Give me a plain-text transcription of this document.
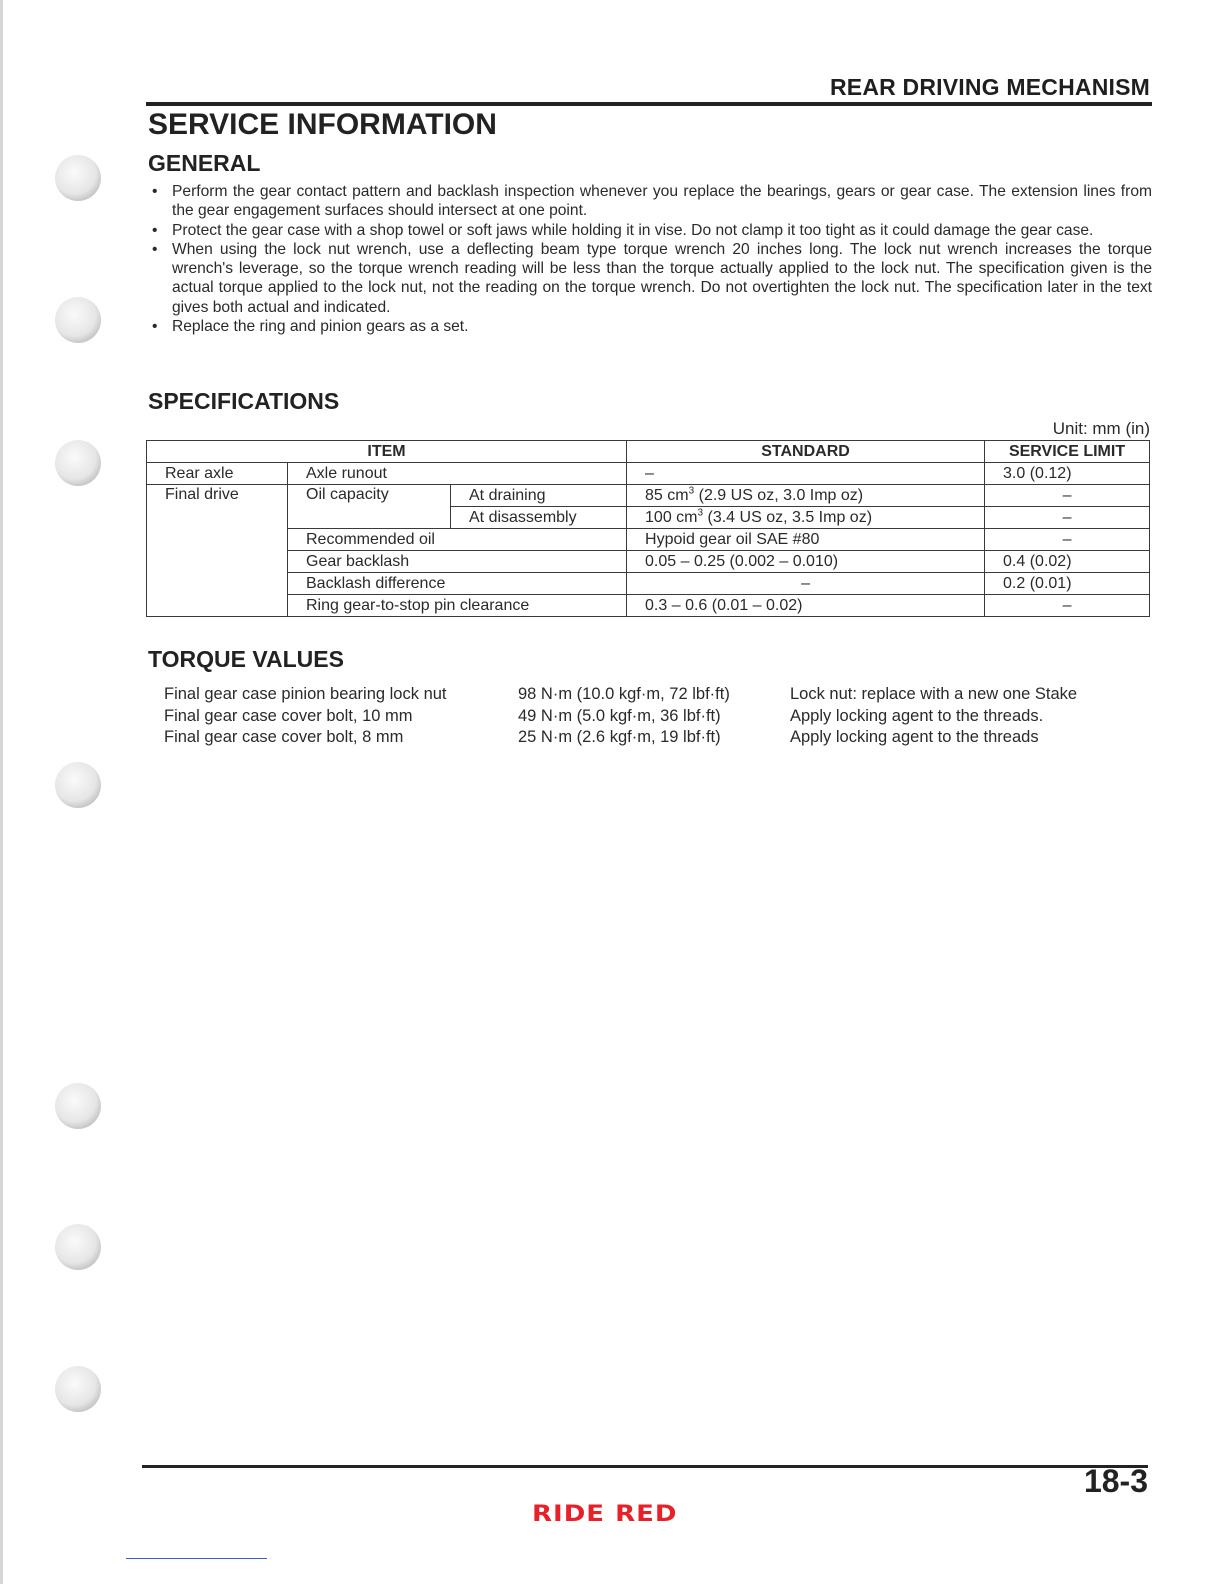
REAR DRIVING MECHANISM
SERVICE INFORMATION
GENERAL
• Perform the gear contact pattern and backlash inspection whenever you replace the bearings, gears or gear case. The extension lines from the gear engagement surfaces should intersect at one point.
• Protect the gear case with a shop towel or soft jaws while holding it in vise. Do not clamp it too tight as it could damage the gear case.
• When using the lock nut wrench, use a deflecting beam type torque wrench 20 inches long. The lock nut wrench increases the torque wrench's leverage, so the torque wrench reading will be less than the torque actually applied to the lock nut. The specification given is the actual torque applied to the lock nut, not the reading on the torque wrench. Do not overtighten the lock nut. The specification later in the text gives both actual and indicated.
• Replace the ring and pinion gears as a set.
SPECIFICATIONS
Unit: mm (in)
ITEM			STANDARD	SERVICE LIMIT
Rear axle	Axle runout		–	3.0 (0.12)
Final drive	Oil capacity	At draining	85 $cm^3$ (2.9 US oz, 3.0 Imp oz)	–
		At disassembly	100 $cm^3$ (3.4 US oz, 3.5 Imp oz)	–
	Recommended oil		Hypoid gear oil SAE #80	–
	Gear backlash		0.05 – 0.25 (0.002 – 0.010)	0.4 (0.02)
	Backlash difference		–	0.2 (0.01)
	Ring gear-to-stop pin clearance		0.3 – 0.6 (0.01 – 0.02)	–
TORQUE VALUES
Final gear case pinion bearing lock nut	98 N·m (10.0 kgf·m, 72 lbf·ft)	Lock nut: replace with a new one Stake
Final gear case cover bolt, 10 mm	49 N·m (5.0 kgf·m, 36 lbf·ft)	Apply locking agent to the threads.
Final gear case cover bolt, 8 mm	25 N·m (2.6 kgf·m, 19 lbf·ft)	Apply locking agent to the threads
18-3
RIDE RED
